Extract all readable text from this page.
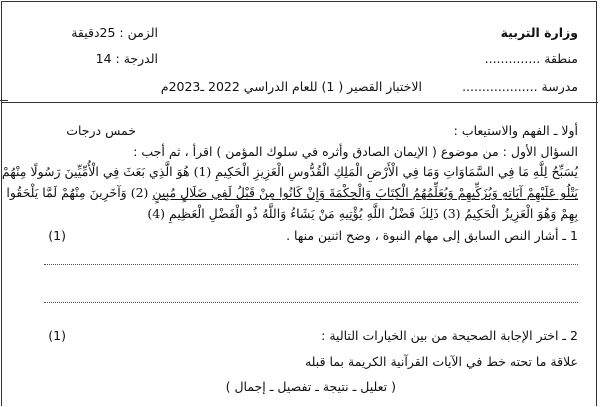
وزارة التربية
منطقة ..............
مدرسة ...................
الزمن : 25دقيقة
الدرجة : 14
الاختبار القصير ( 1) للعام الدراسي 2022 ـ2023م
أولا ـ الفهم والاستيعاب :
خمس درجات
السؤال الأول : من موضوع ( الإيمان الصادق وأثره في سلوك المؤمن ) اقرأ ، ثم أجب :
يُسَبِّحُ لِلَّهِ مَا فِي السَّمَاوَاتِ وَمَا فِي الْأَرْضِ الْمَلِكِ الْقُدُّوسِ الْعَزِيزِ الْحَكِيمِ (1) هُوَ الَّذِي بَعَثَ فِي الْأُمِّيِّينَ رَسُولًا مِنْهُمْ
يَتْلُو عَلَيْهِمْ آيَاتِهِ وَيُزَكِّيهِمْ وَيُعَلِّمُهُمُ الْكِتَابَ وَالْحِكْمَةَ وَإِنْ كَانُوا مِنْ قَبْلُ لَفِي ضَلَالٍ مُبِينٍ (2) وَآخَرِينَ مِنْهُمْ لَمَّا يَلْحَقُوا
بِهِمْ وَهُوَ الْعَزِيزُ الْحَكِيمُ (3) ذَلِكَ فَضْلُ اللَّهِ يُؤْتِيهِ مَنْ يَشَاءُ وَاللَّهُ ذُو الْفَضْلِ الْعَظِيمِ (4)
1 ـ أشار النص السابق إلى مهام النبوة ، وضح اثنين منها .
(1)
2 ـ اختر الإجابة الصحيحة من بين الخيارات التالية :
(1)
علاقة ما تحته خط في الآيات القرآنية الكريمة بما قبله
( تعليل ـ نتيجة ـ تفصيل ـ إجمال )
